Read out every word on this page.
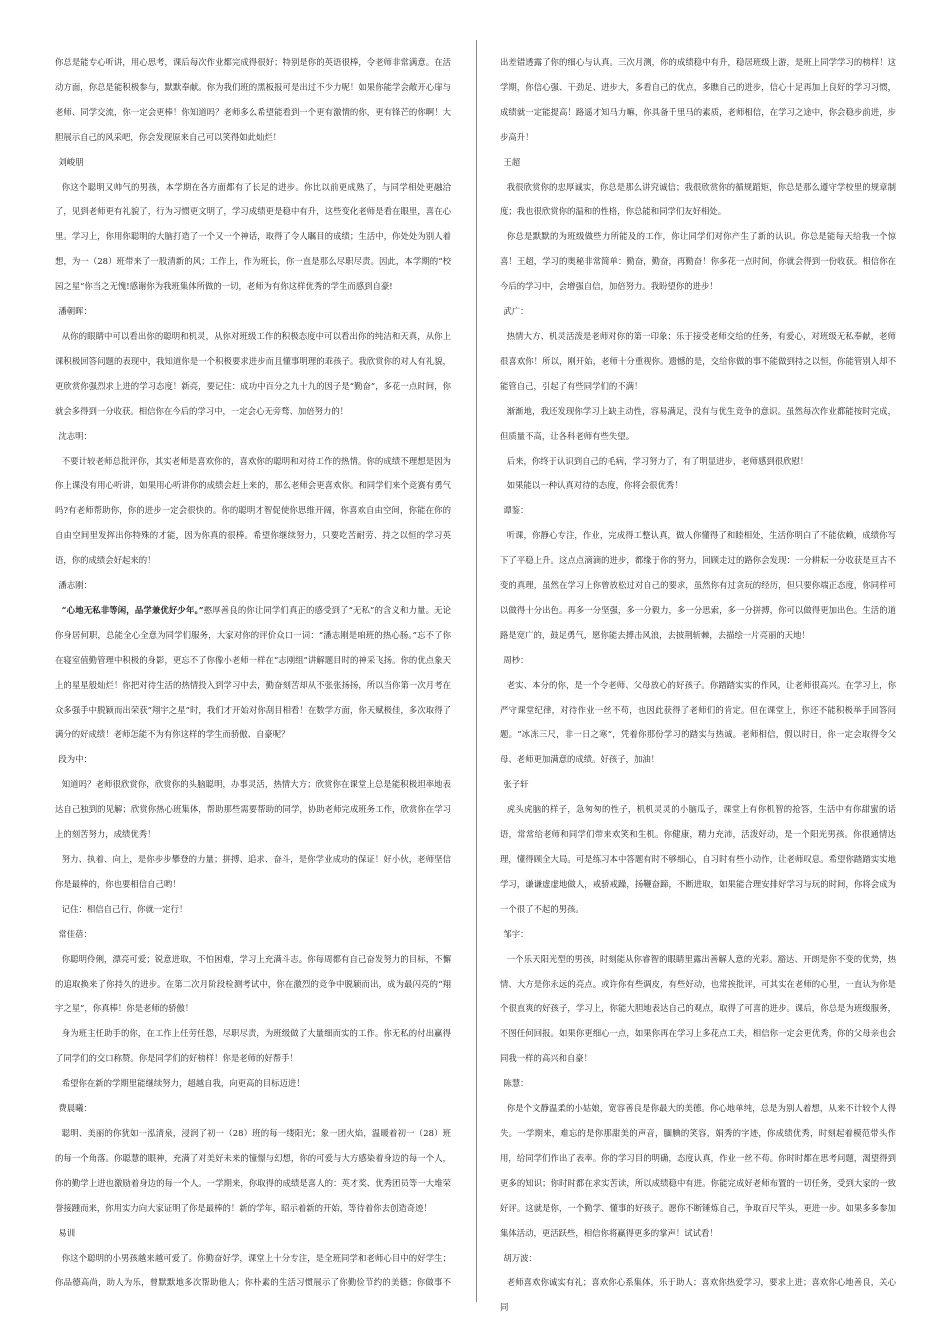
你总是能专心听讲，用心思考，课后每次作业都完成得很好；特别是你的英语很棒，令老师非常满意。在活动方面，你总是能积极参与，默默奉献。你为我们班的黑板报可是出过不少力呢！如果你能学会敞开心扉与老师、同学交流，你一定会更棒！你知道吗？老师多么希望能看到一个更有激情的你，更有锋芒的你啊！大胆展示自己的风采吧，你会发现原来自己可以笑得如此灿烂！

刘峻朋

你这个聪明又帅气的男孩，本学期在各方面都有了长足的进步。你比以前更成熟了，与同学相处更融洽了，见到老师更有礼貌了，行为习惯更文明了，学习成绩更是稳中有升，这些变化老师是看在眼里，喜在心里。学习上，你用你聪明的大脑打造了一个又一个神话，取得了令人瞩目的成绩；生活中，你处处为别人着想，为一（28）班带来了一股清新的风；工作上，作为班长，你一直是那么尽职尽责。因此，本学期的“校园之星”你当之无愧!感谢你为我班集体所做的一切，老师为有你这样优秀的学生而感到自豪!

潘朝晖：

从你的眼睛中可以看出你的聪明和机灵，从你对班级工作的积极态度中可以看出你的纯洁和天真，从你上课积极回答问题的表现中，我知道你是一个积极要求进步而且懂事明理的乖孩子。我欣赏你的对人有礼貌，更欣赏你强烈求上进的学习态度！新亮，要记住：成功中百分之九十九的因子是“勤奋”，多花一点时间，你就会多得到一分收获。相信你在今后的学习中，一定会心无旁骛、加倍努力的！

沈志明：

不要计较老师总批评你，其实老师是喜欢你的，喜欢你的聪明和对待工作的热情。你的成绩不理想是因为你上课没有用心听讲，如果用心听讲你的成绩会赶上来的，那么老师会更喜欢你。和同学们来个竞赛有勇气吗?有老师帮助你，你的进步一定会很快的。你的聪明才智促使你思维开阔，你喜欢自由空间，你能在你的自由空间里发挥出你特殊的才能，因为你真的很棒。希望你继续努力，只要吃苦耐劳、持之以恒的学习英语，你的成绩会好起来的！

潘志刚：

“心地无私非等闲，品学兼优好少年。”憨厚善良的你让同学们真正的感受到了“无私”的含义和力量。无论你身居何职，总能全心全意为同学们服务，大家对你的评价众口一词：“潘志刚是咱班的热心肠。”忘不了你在寝室值勤管理中积极的身影，更忘不了你像小老师一样在“志刚组”讲解题目时的神采飞扬。你的优点象天上的星星般灿烂！你把对待生活的热情投入到学习中去，勤奋刻苦却从不张张扬扬，所以当你第一次月考在众多强手中脱颖而出荣获“翔宇之星”时，我们才开始对你刮目相看！在数学方面，你天赋极佳，多次取得了满分的好成绩！老师怎能不为有你这样的学生而骄傲、自豪呢？

段为中：

知道吗？老师很欣赏你，欣赏你的头脑聪明，办事灵活，热情大方；欣赏你在课堂上总是能积极坦率地表达自己独到的见解；欣赏你热心班集体，帮助那些需要帮助的同学，协助老师完成班务工作，欣赏你在学习上的刻苦努力，成绩优秀！

努力、执着、向上，是你步步攀登的力量；拼搏、追求、奋斗，是你学业成功的保证！好小伙，老师坚信你是最棒的，你也要相信自己哟！

记住：相信自己行，你就一定行！

常佳蓓：

你聪明伶俐，漂亮可爱；锐意进取，不怕困难，学习上充满斗志。你每周都有自己奋发努力的目标，不懈的追取换来了你持久的进步。在第二次月阶段检测考试中，你在激烈的竞争中脱颖而出，成为最闪亮的“翔宇之星”，你真棒！你是老师的骄傲！

身为班主任助手的你，在工作上任劳任怨，尽职尽责，为班级做了大量细而实的工作。你无私的付出赢得了同学们的交口称赞。你是同学们的好榜样！你是老师的好帮手！

希望你在新的学期里能继续努力，超越自我，向更高的目标迈进！

费晨曦：

聪明、美丽的你犹如一泓清泉，浸润了初一（28）班的每一缕阳光；象一团火焰，温暖着初一（28）班的每一个角落。你聪慧的眼神，充满了对美好未来的憧憬与幻想，你的可爱与大方感染着身边的每一个人，你的勤学上进也激励着身边的每一个人。一学期来，你取得的成绩是喜人的：英才奖、优秀团员等一大堆荣誉接踵而来，你用实力向大家证明了你是最棒的！新的学年，昭示着新的开始，等待着你去创造奇迹！

易训

你这个聪明的小男孩越来越可爱了。你勤奋好学，课堂上十分专注，是全班同学和老师心目中的好学生；你品德高尚，助人为乐，曾默默地多次帮助他人；你朴素的生活习惯展示了你勤俭节约的美德；你做事不

出差错透露了你的细心与认真。三次月测，你的成绩稳中有升，稳居班级上游，是班上同学学习的榜样！这学期，你信心强、干劲足、进步大，多看自己的优点，多瞧自己的进步，信心十足再加上良好的学习习惯，成绩就一定能提高！路遥才知马力嘛，你具备千里马的素质，老师相信，在学习之途中，你会稳步前进，步步高升！

王超

我很欣赏你的忠厚诚实，你总是那么讲究诚信；我很欣赏你的循规蹈矩，你总是那么遵守学校里的规章制度；我也很欣赏你的温和的性格，你总能和同学们友好相处。

你总是默默的为班级做些力所能及的工作，你让同学们对你产生了新的认识。你总是能每天给我一个惊喜！王超，学习的奥秘非常简单：勤奋，勤奋，再勤奋！你多花一点时间，你就会得到一份收获。相信你在今后的学习中，会增强自信，加倍努力。我盼望你的进步！

武广：

热情大方、机灵活泼是老师对你的第一印象；乐于接受老师交给的任务，有爱心，对班级无私奉献，老师很喜欢你！所以，刚开始，老师十分重视你。遗憾的是，交给你做的事不能做到持之以恒，你能管别人却不能管自己，引起了有些同学们的不满！

渐渐地，我还发现你学习上缺主动性，容易满足，没有与优生竞争的意识。虽然每次作业都能按时完成，但质量不高，让各科老师有些失望。

后来，你终于认识到自己的毛病，学习努力了，有了明显进步，老师感到很欣慰！

如果能以一种认真对待的态度，你将会很优秀！

谭鉴：

听课，你静心专注，作业，完成得工整认真，做人你懂得了和睦相处，生活你明白了不能依赖，成绩你写下了平稳上升。这点点滴滴的进步，都缘于你的努力，回顾走过的路你会发现：一分耕耘一分收获是亘古不变的真理，虽然在学习上你曾放松过对自己的要求，虽然你有过贪玩的经历，但只要你端正态度，你同样可以做得十分出色。再多一分坚强，多一分毅力，多一分思索，多一分拼搏，你可以做得更加出色。生活的道路是宽广的，鼓足勇气，愿你能去搏击风浪，去披荆斩棘，去描绘一片亮丽的天地！

周杪：

老实、本分的你，是一个令老师、父母放心的好孩子。你踏踏实实的作风，让老师很高兴。在学习上，你严守课堂纪律，对待作业一丝不苟，也因此获得了老师们的肯定。但在课堂上，你还不能积极举手回答问题。“冰冻三尺，非一日之寒”，凭着你那份学习的踏实与热诚。老师相信，假以时日，你一定会取得令父母、老师更加满意的成绩。好孩子，加油！

张子轩

虎头虎脑的样子，急匆匆的性子，机机灵灵的小脑瓜子，课堂上有你机智的抢答，生活中有你甜蜜的话语，常常给老师和同学们带来欢笑和生机。你健康，精力充沛，活泼好动，是一个阳光男孩。你很通情达理，懂得顾全大局。可是练习本中答题有时不够细心，自习时有些小动作，让老师叹息。希望你踏踏实实地学习，谦谦虚虚地做人，戒骄戒躁，扬鞭奋蹄，不断进取，如果能合理安排好学习与玩的时间，你将会成为一个很了不起的男孩。

邹宇：

一个乐天阳光型的男孩，时刻能从你睿智的眼睛里露出善解人意的光彩。豁达、开朗是你不变的优势，热情、大方是你永远的亮点。或许你有些调皮，有些好动，也常挨批评，可其实在老师的心里，一直认为你是个很直爽的好孩子，学习上，你能大胆地表达自己的观点，取得了可喜的进步。课后，你总是为班级服务，不图任何回报。如果你更细心一点，如果你再在学习上多花点工夫，相信你一定会更优秀，你的父母亲也会同我一样的高兴和自豪！

陈慧：

你是个文静温柔的小姑娘，宽容善良是你最大的美德。你心地单纯，总是为别人着想，从来不计较个人得失。一学期来，难忘的是你那甜美的声音，腼腆的笑容，娟秀的字迹，你成绩优秀，时刻起着模范带头作用，给同学们作出了表率。你的学习目的明确，态度认真，作业一丝不苟。你时时都在思考问题，渴望得到更多的知识；你时时都在求实苦读，所以成绩稳中有进。你能完成好老师布置的一切任务，受到大家的一致好评。这就是你，一个勤学、懂事的好孩子。愿你不断锤炼自己，争取百尺竿头，更进一步。如果多多参加集体活动，更活跃些，相信你将赢得更多的掌声！试试看！

胡万波：

老师喜欢你诚实有礼；喜欢你心系集体，乐于助人；喜欢你热爱学习，要求上进；喜欢你心地善良，关心同
